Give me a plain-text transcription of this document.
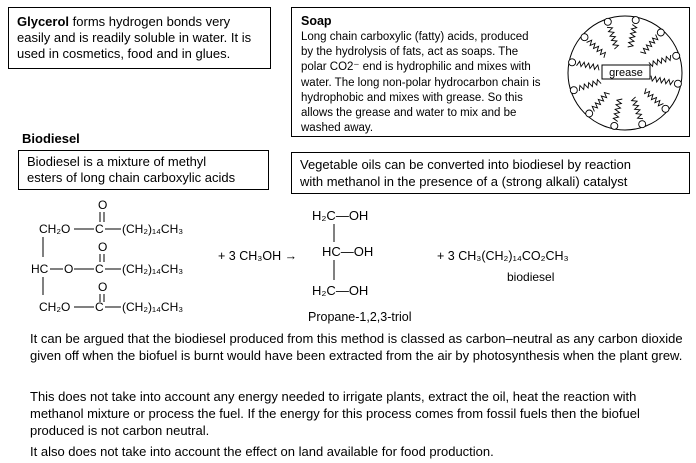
Glycerol forms hydrogen bonds very
easily and is readily soluble in water. It is
used in cosmetics, food and in glues.
Soap
Long chain carboxylic (fatty) acids, produced
by the hydrolysis of fats, act as soaps. The
polar CO2⁻ end is hydrophilic and mixes with
water. The long non-polar hydrocarbon chain is
hydrophobic and mixes with grease. So this
allows the grease and water to mix and be
washed away.
grease
Biodiesel
Biodiesel is a mixture of methyl
esters of long chain carboxylic acids
Vegetable oils can be converted into biodiesel by reaction
with methanol in the presence of a (strong alkali) catalyst
O
CH₂O C (CH₂)₁₄CH₃
O
HC O C (CH₂)₁₄CH₃
O
CH₂O C (CH₂)₁₄CH₃
+ 3 CH₃OH →
H₂C—OH
HC—OH
H₂C—OH
Propane-1,2,3-triol
+ 3 CH₃(CH₂)₁₄CO₂CH₃
biodiesel
It can be argued that the biodiesel produced from this method is classed as carbon–neutral as any carbon dioxide given off when the biofuel is burnt would have been extracted from the air by photosynthesis when the plant grew.
This does not take into account any energy needed to irrigate plants, extract the oil, heat the reaction with methanol mixture or process the fuel. If the energy for this process comes from fossil fuels then the biofuel produced is not carbon neutral.
It also does not take into account the effect on land available for food production.
